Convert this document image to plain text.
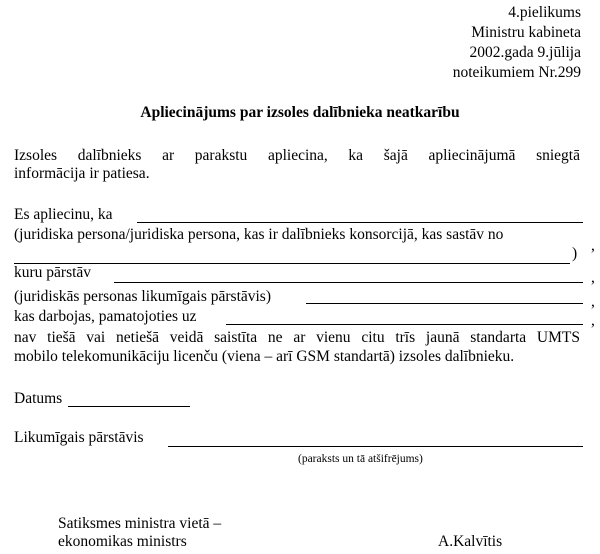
4.pielikums
Ministru kabineta
2002.gada 9.jūlija
noteikumiem Nr.299
Apliecinājums par izsoles dalībnieka neatkarību
Izsoles dalībnieks ar parakstu apliecina, ka šajā apliecinājumā sniegtā
informācija ir patiesa.
Es apliecinu, ka
(juridiska persona/juridiska persona, kas ir dalībnieks konsorcijā, kas sastāv no
,
)
kuru pārstāv	,
(juridiskās personas likumīgais pārstāvis)	,
kas darbojas, pamatojoties uz	,
nav tiešā vai netiešā veidā saistīta ne ar vienu citu trīs jaunā standarta UMTS
mobilo telekomunikāciju licenču (viena – arī GSM standartā) izsoles dalībnieku.
Datums
Likumīgais pārstāvis
(paraksts un tā atšifrējums)
Satiksmes ministra vietā –
ekonomikas ministrs	A.Kalvītis
